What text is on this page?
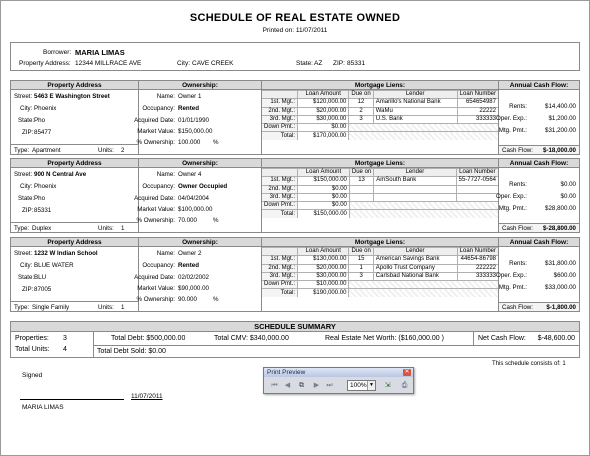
SCHEDULE OF REAL ESTATE OWNED
Printed on: 11/07/2011
Borrower: MARIA LIMAS
Property Address: 12344 MILLRACE AVE	City: CAVE CREEK	State: AZ ZIP: 85331
Property Address
Street: 5463 E Washington Street
City: Phoenix
State: Pho
ZIP: 85477
Type: Apartment	Units: 2
Ownership:
Name: Owner 1
Occupancy: Rented
Acquired Date: 01/01/1990
Market Value: $150,000.00
% Ownership: 100.000 %
Mortgage Liens:
	Loan Amount	Due on	Lender	Loan Number
1st. Mgt.:	$120,000.00	12	Amarillo's National Bank	654654987
2nd. Mgt.:	$20,000.00	2	WaMu	22222
3rd. Mgt.:	$30,000.00	3	U.S. Bank	333333
Down Pmt.:	$0.00			
Total:	$170,000.00			
Annual Cash Flow:
Rents:	$14,400.00
Oper. Exp.:	$1,200.00
Mtg. Pmt.:	$31,200.00
Cash Flow: $-18,000.00
Property Address
Street: 900 N Central Ave
City: Phoenix
State: Pho
ZIP: 85331
Type: Duplex	Units: 1
Ownership:
Name: Owner 4
Occupancy: Owner Occupied
Acquired Date: 04/04/2004
Market Value: $100,000.00
% Ownership: 70.000	%
Mortgage Liens:
	Loan Amount	Due on	Lender	Loan Number
1st. Mgt.:	$150,000.00	13	AmSouth Bank	55-7727-0564
2nd. Mgt.:	$0.00			
3rd. Mgt.:	$0.00			
Down Pmt.:	$0.00			
Total:	$150,000.00			
Annual Cash Flow:
Rents:	$0.00
Oper. Exp.:	$0.00
Mtg. Pmt.:	$28,800.00
Cash Flow: $-28,800.00
Property Address
Street: 1232 W Indian School
City: BLUE WATER
State: BLU
ZIP: 87005
Type: Single Family	Units: 1
Ownership:
Name: Owner 2
Occupancy: Rented
Acquired Date: 02/02/2002
Market Value: $90,000.00
% Ownership: 90.000	%
Mortgage Liens:
	Loan Amount	Due on	Lender	Loan Number
1st. Mgt.:	$130,000.00	15	American Savings Bank	44654-86798
2nd. Mgt.:	$20,000.00	1	Apollo Trust Company	222222
3rd. Mgt.:	$30,000.00	3	Carlsbad National Bank	333333
Down Pmt.:	$10,000.00			
Total:	$190,000.00			
Annual Cash Flow:
Rents:	$31,800.00
Oper. Exp.:	$600.00
Mtg. Pmt.:	$33,000.00
Cash Flow: $-1,800.00
SCHEDULE SUMMARY
Properties: 3
Total Units: 4
Total Debt: $500,000.00	Total CMV: $340,000.00	Real Estate Net Worth: ($160,000.00 )	Net Cash Flow: $-48,600.00
Total Debt Sold: $0.00
This schedule consists of: 1
Signed
11/07/2011
MARIA LIMAS
Print Preview	✕
⏮	◀	⧉	▶	⏭	100% ▼	⇲	⎙
